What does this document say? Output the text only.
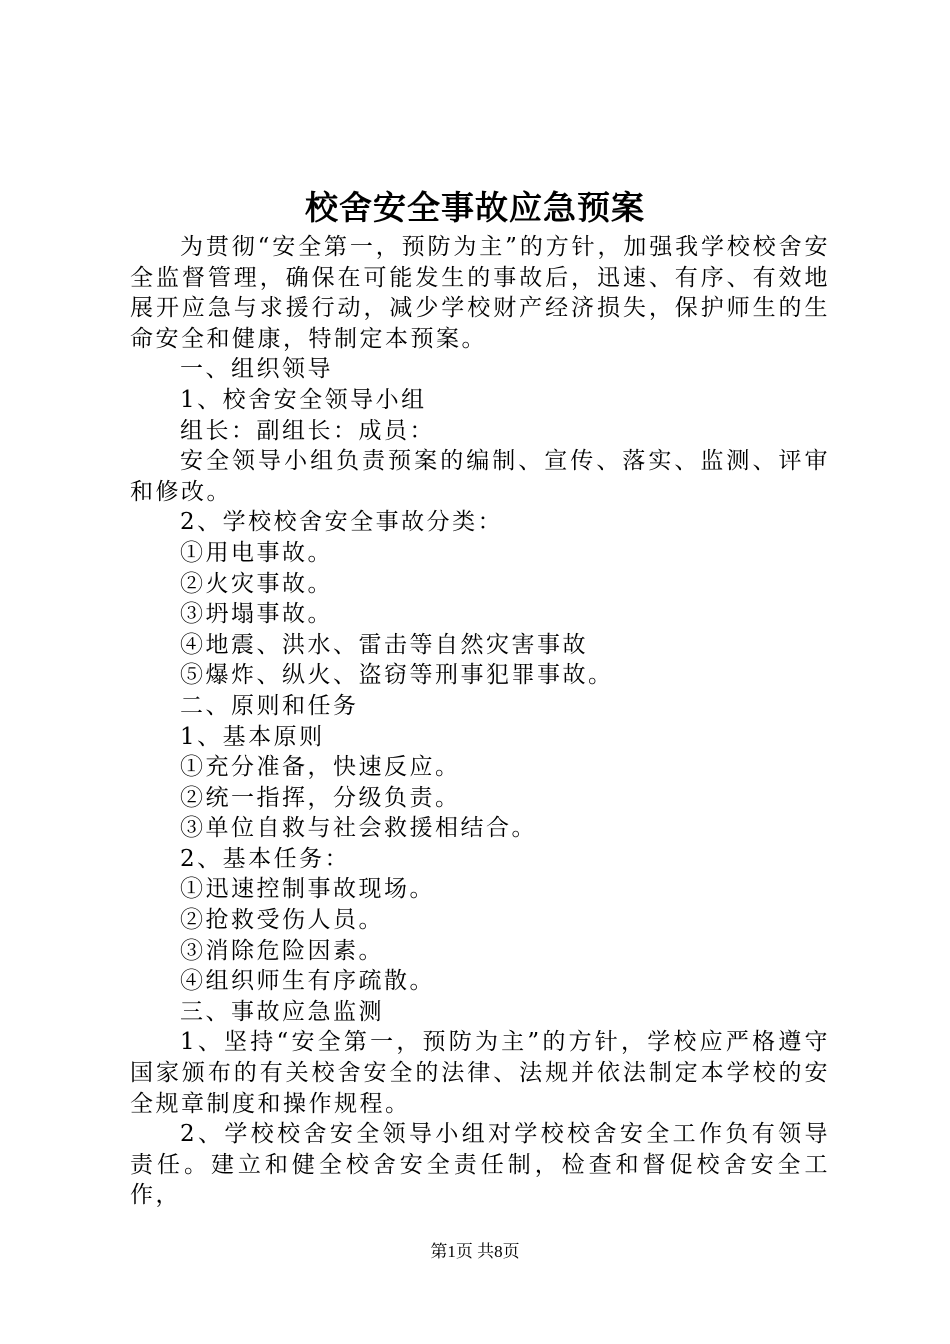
校舍安全事故应急预案

为贯彻“安全第一，预防为主”的方针，加强我学校校舍安全监督管理，确保在可能发生的事故后，迅速、有序、有效地展开应急与求援行动，减少学校财产经济损失，保护师生的生命安全和健康，特制定本预案。

一、组织领导

1、校舍安全领导小组

组长：副组长：成员：

安全领导小组负责预案的编制、宣传、落实、监测、评审和修改。

2、学校校舍安全事故分类：

①用电事故。

②火灾事故。

③坍塌事故。

④地震、洪水、雷击等自然灾害事故

⑤爆炸、纵火、盗窃等刑事犯罪事故。

二、原则和任务

1、基本原则

①充分准备，快速反应。

②统一指挥，分级负责。

③单位自救与社会救援相结合。

2、基本任务：

①迅速控制事故现场。

②抢救受伤人员。

③消除危险因素。

④组织师生有序疏散。

三、事故应急监测

1、坚持“安全第一，预防为主”的方针，学校应严格遵守国家颁布的有关校舍安全的法律、法规并依法制定本学校的安全规章制度和操作规程。

2、学校校舍安全领导小组对学校校舍安全工作负有领导责任。建立和健全校舍安全责任制，检查和督促校舍安全工作，

第1页 共8页
